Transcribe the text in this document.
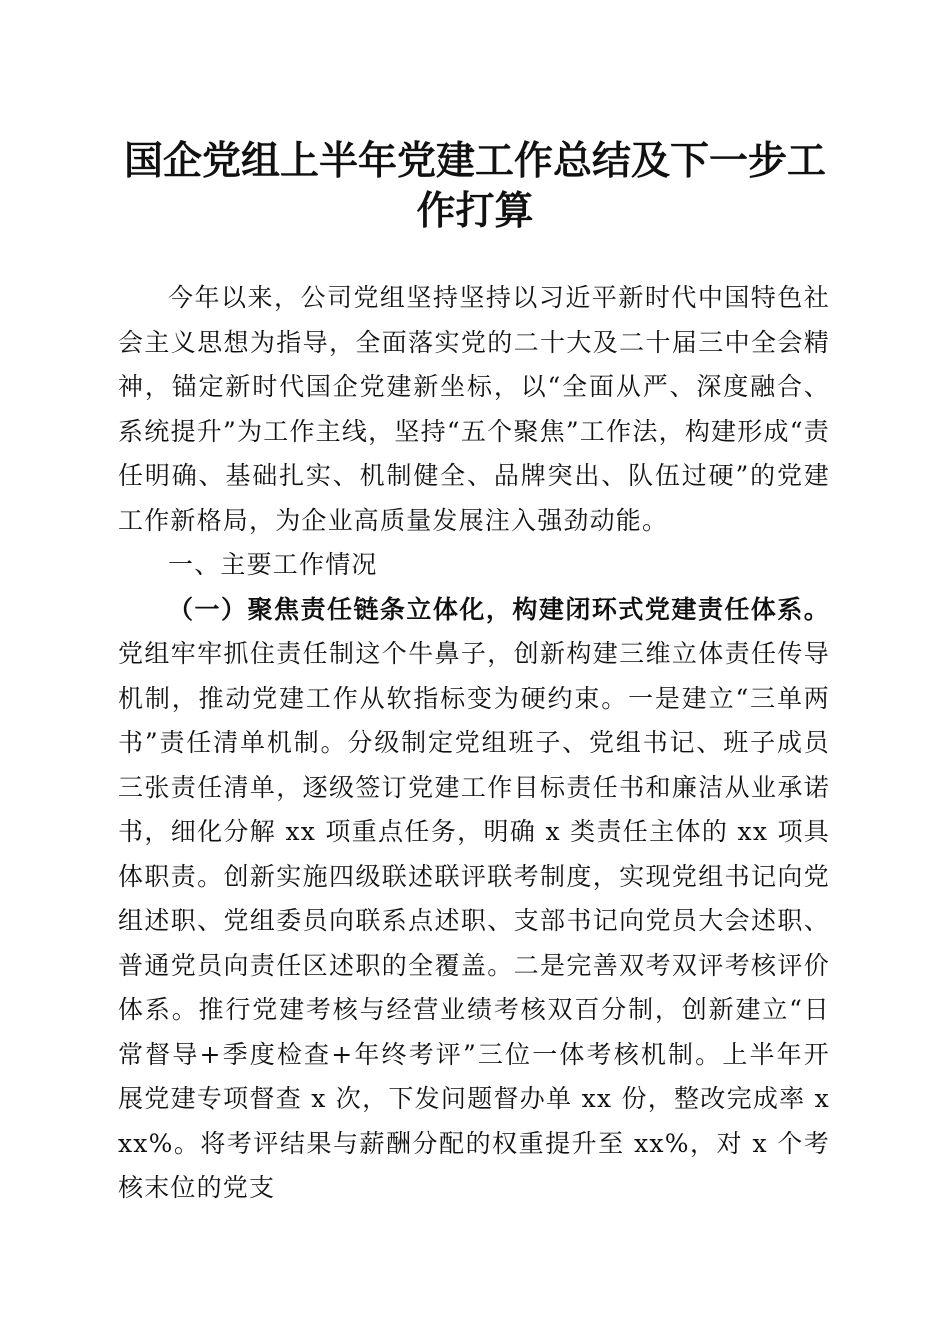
国企党组上半年党建工作总结及下一步工作打算

今年以来，公司党组坚持坚持以习近平新时代中国特色社会主义思想为指导，全面落实党的二十大及二十届三中全会精神，锚定新时代国企党建新坐标，以“全面从严、深度融合、系统提升”为工作主线，坚持“五个聚焦”工作法，构建形成“责任明确、基础扎实、机制健全、品牌突出、队伍过硬”的党建工作新格局，为企业高质量发展注入强劲动能。

一、主要工作情况

（一）聚焦责任链条立体化，构建闭环式党建责任体系。党组牢牢抓住责任制这个牛鼻子，创新构建三维立体责任传导机制，推动党建工作从软指标变为硬约束。一是建立“三单两书”责任清单机制。分级制定党组班子、党组书记、班子成员三张责任清单，逐级签订党建工作目标责任书和廉洁从业承诺书，细化分解 xx 项重点任务，明确 x 类责任主体的 xx 项具体职责。创新实施四级联述联评联考制度，实现党组书记向党组述职、党组委员向联系点述职、支部书记向党员大会述职、普通党员向责任区述职的全覆盖。二是完善双考双评考核评价体系。推行党建考核与经营业绩考核双百分制，创新建立“日常督导+季度检查+年终考评”三位一体考核机制。上半年开展党建专项督查 x 次，下发问题督办单 xx 份，整改完成率 xxx%。将考评结果与薪酬分配的权重提升至 xx%，对 x 个考核末位的党支
